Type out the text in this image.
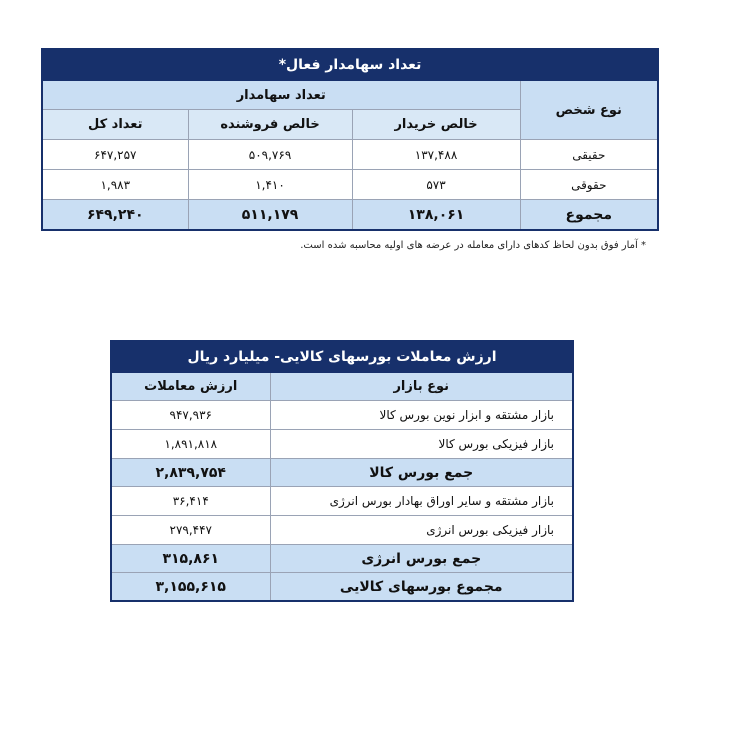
تعداد سهامدار فعال*			
نوع شخص	تعداد سهامدار		
	خالص خریدار	خالص فروشنده	تعداد کل
حقیقی	۱۳۷,۴۸۸	۵۰۹,۷۶۹	۶۴۷,۲۵۷
حقوقی	۵۷۳	۱,۴۱۰	۱,۹۸۳
مجموع	۱۳۸,۰۶۱	۵۱۱,۱۷۹	۶۴۹,۲۴۰
* آمار فوق بدون لحاظ کدهای دارای معامله در عرضه های اولیه محاسبه شده است.
ارزش معاملات بورسهای کالایی- میلیارد ریال	
نوع بازار	ارزش معاملات
بازار مشتقه و ابزار نوین بورس کالا	۹۴۷,۹۳۶
بازار فیزیکی بورس کالا	۱,۸۹۱,۸۱۸
جمع بورس کالا	۲,۸۳۹,۷۵۴
بازار مشتقه و سایر اوراق بهادار بورس انرژی	۳۶,۴۱۴
بازار فیزیکی بورس انرژی	۲۷۹,۴۴۷
جمع بورس انرژی	۳۱۵,۸۶۱
مجموع بورسهای کالایی	۳,۱۵۵,۶۱۵
